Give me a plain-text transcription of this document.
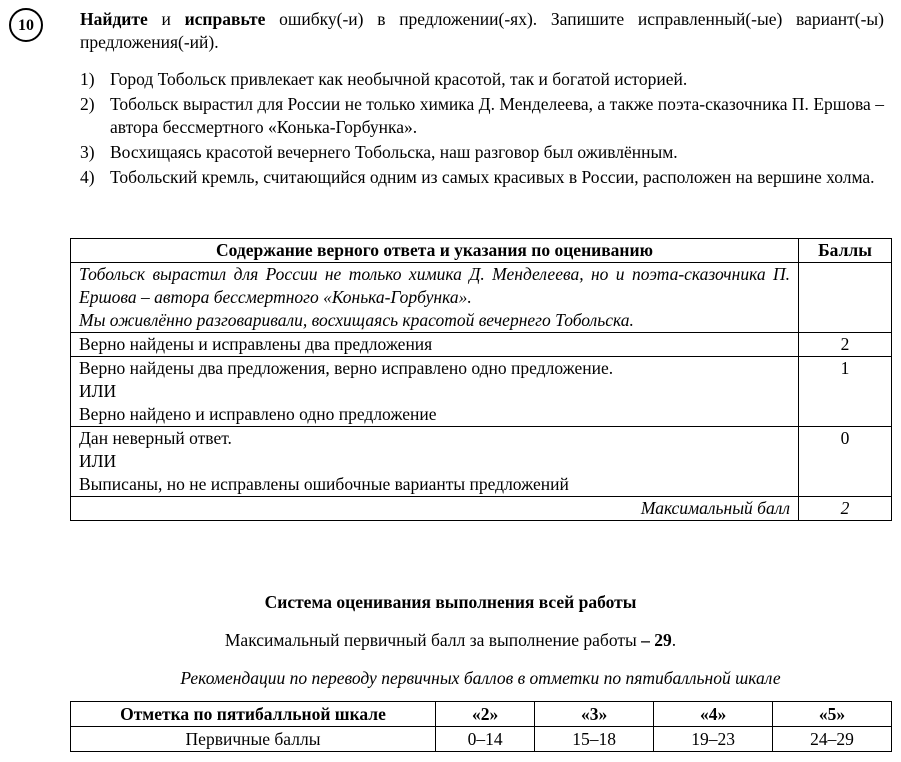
10	Найдите и исправьте ошибку(-и) в предложении(-ях). Запишите исправленный(-ые) вариант(-ы) предложения(-ий).
1) Город Тобольск привлекает как необычной красотой, так и богатой историей.
2) Тобольск вырастил для России не только химика Д. Менделеева, а также поэта-сказочника П. Ершова – автора бессмертного «Конька-Горбунка».
3) Восхищаясь красотой вечернего Тобольска, наш разговор был оживлённым.
4) Тобольский кремль, считающийся одним из самых красивых в России, расположен на вершине холма.
Содержание верного ответа и указания по оцениванию	Баллы

Тобольск вырастил для России не только химика Д. Менделеева, но и поэта-сказочника П. Ершова – автора бессмертного «Конька-Горбунка».
Мы оживлённо разговаривали, восхищаясь красотой вечернего Тобольска.	

Верно найдены и исправлены два предложения	2

Верно найдены два предложения, верно исправлено одно предложение.
ИЛИ
Верно найдено и исправлено одно предложение	1

Дан неверный ответ.
ИЛИ
Выписаны, но не исправлены ошибочные варианты предложений	0
Максимальный балл	2
Система оценивания выполнения всей работы
Максимальный первичный балл за выполнение работы – 29.
Рекомендации по переводу первичных баллов в отметки по пятибалльной шкале
Отметка по пятибалльной шкале	«2»	«3»	«4»	«5»
Первичные баллы	0–14	15–18	19–23	24–29
